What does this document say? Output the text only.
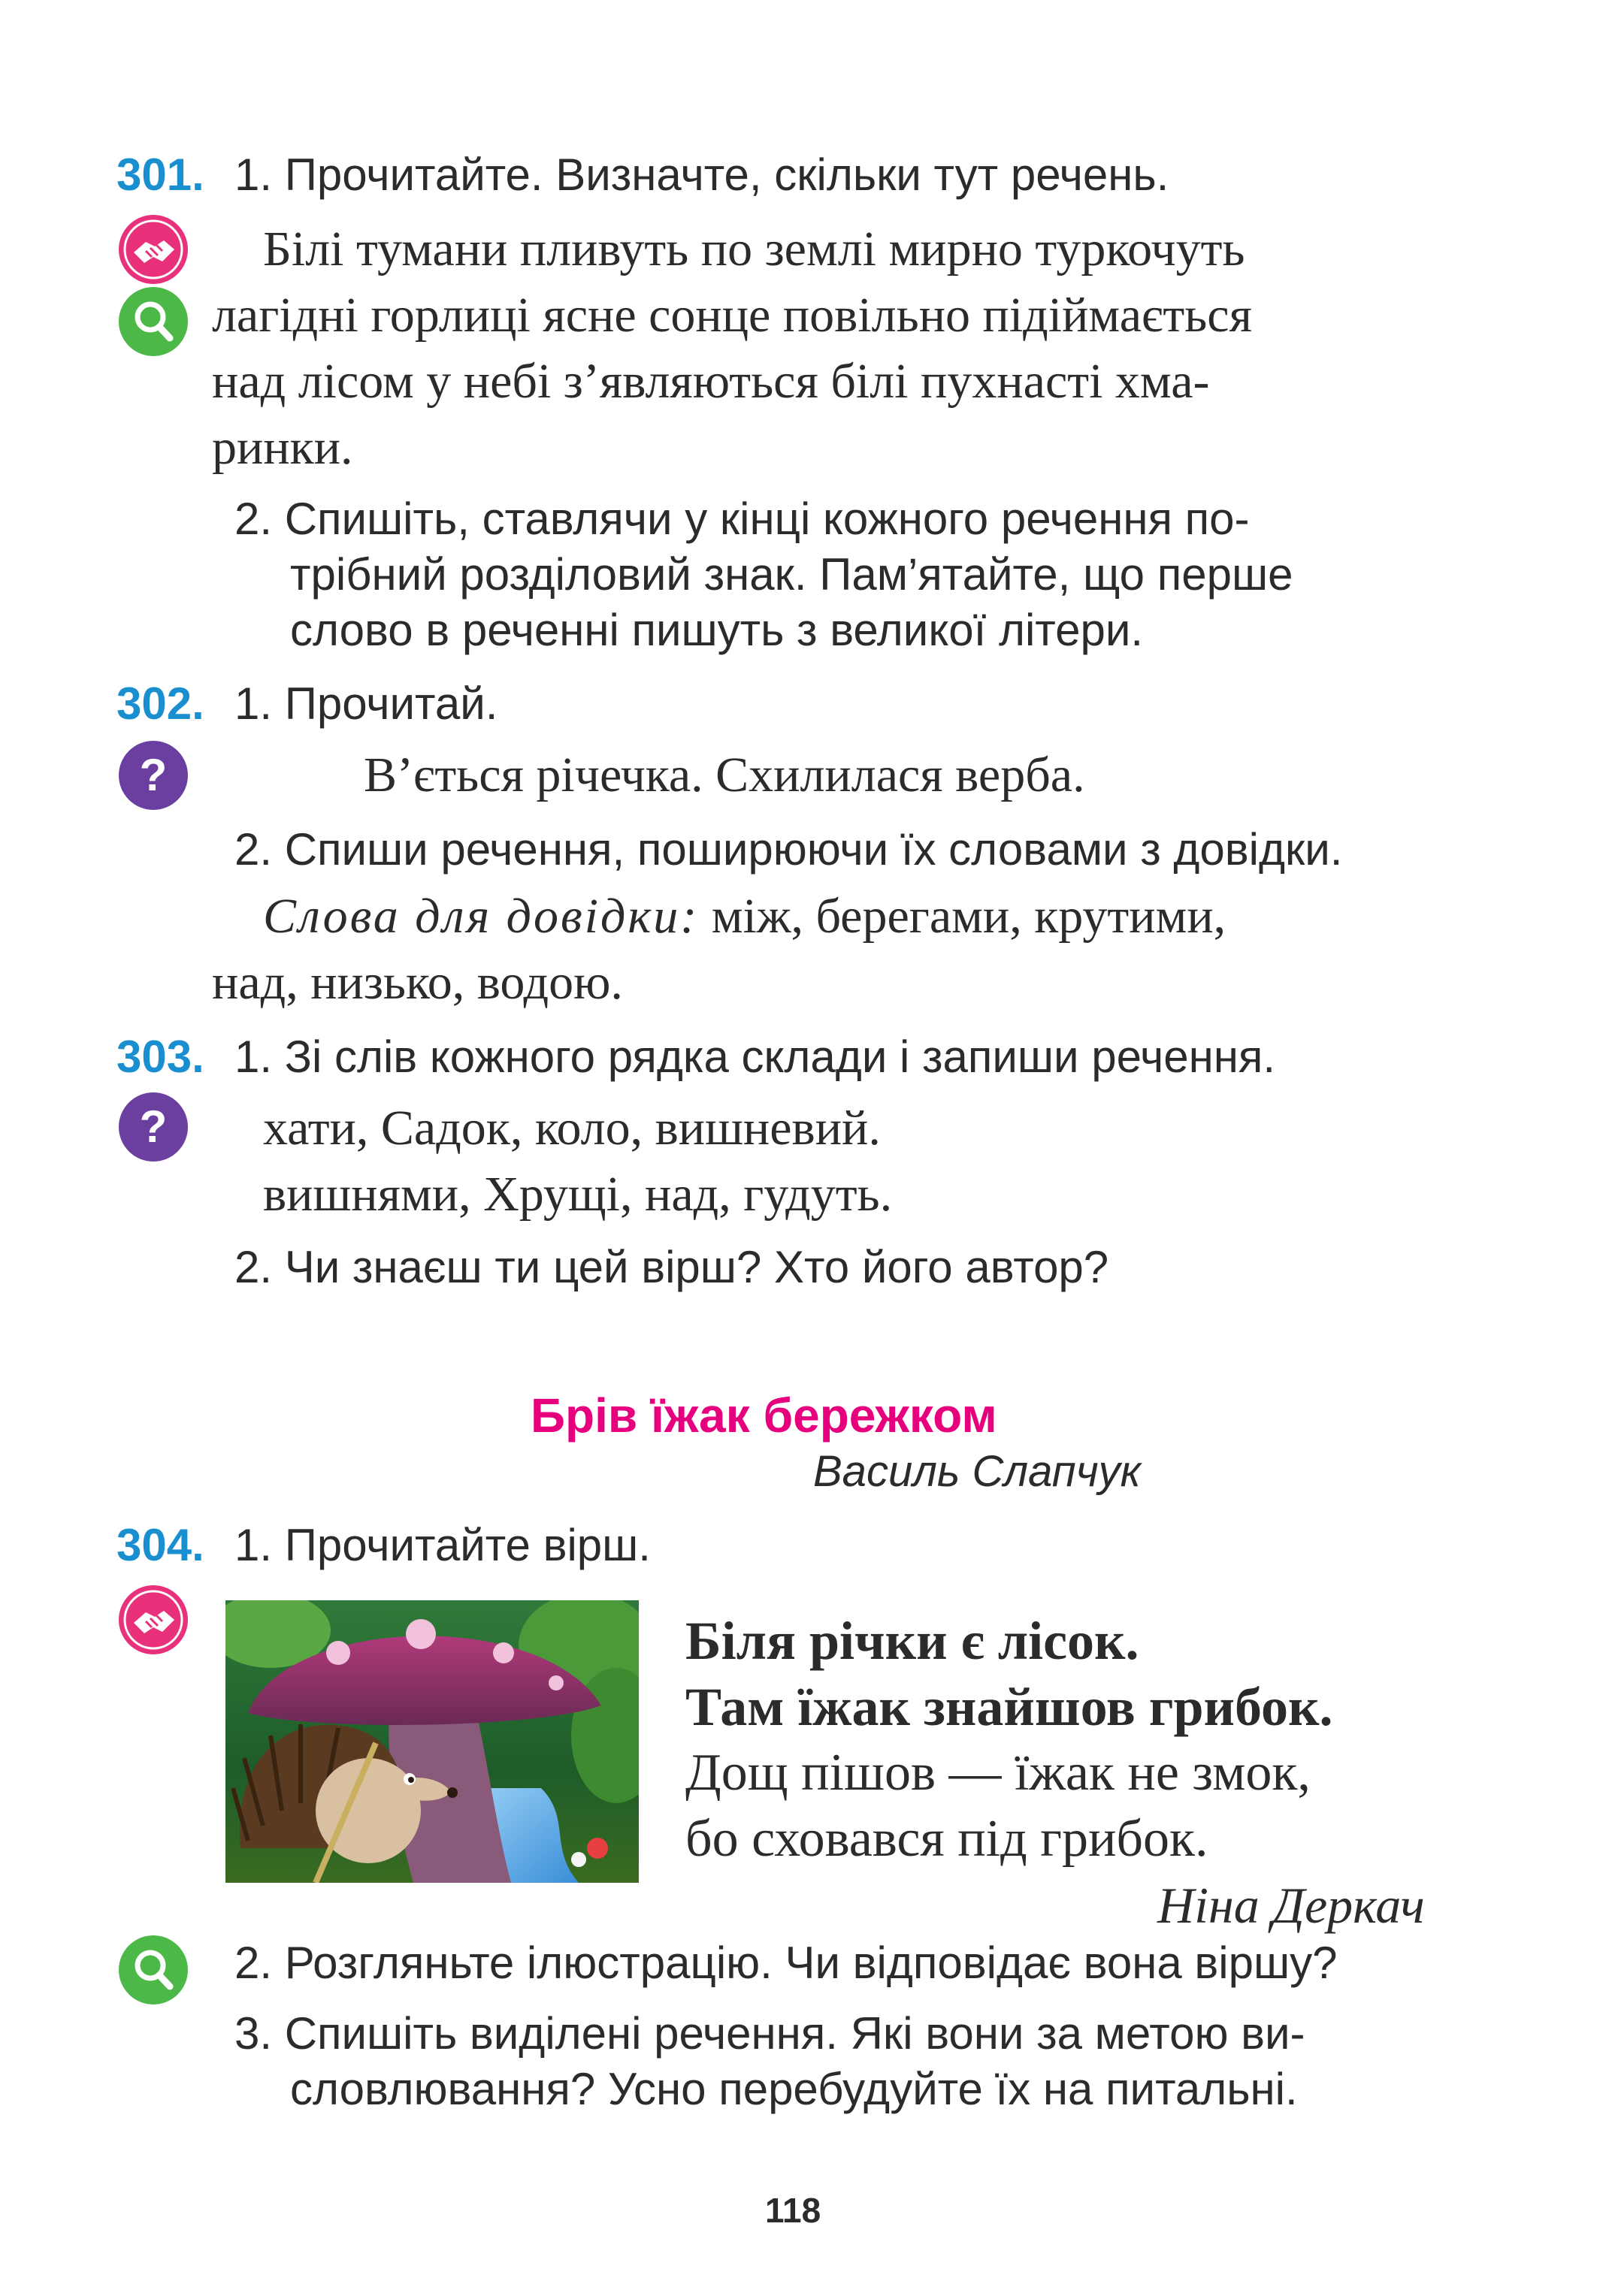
301. 1. Прочитайте. Визначте, скільки тут речень.
Білі тумани пливуть по землі мирно туркочуть
лагідні горлиці ясне сонце повільно підіймається
над лісом у небі з’являються білі пухнасті хма-
ринки.
2. Спишіть, ставлячи у кінці кожного речення по-
трібний розділовий знак. Пам’ятайте, що перше
слово в реченні пишуть з великої літери.
302. 1. Прочитай.
?	В’ється річечка. Схилилася верба.
2. Спиши речення, поширюючи їх словами з довідки.
Слова для довідки: між, берегами, крутими,
над, низько, водою.
303. 1. Зі слів кожного рядка склади і запиши речення.
? хати, Садок, коло, вишневий.
вишнями, Хрущі, над, гудуть.
2. Чи знаєш ти цей вірш? Хто його автор?
Брів їжак бережком
Василь Слапчук
304. 1. Прочитайте вірш.
Біля річки є лісок.
Там їжак знайшов грибок.
Дощ пішов — їжак не змок,
бо сховався під грибок.
Ніна Деркач
2. Розгляньте ілюстрацію. Чи відповідає вона віршу?
3. Спишіть виділені речення. Які вони за метою ви-
словлювання? Усно перебудуйте їх на питальні.
118
